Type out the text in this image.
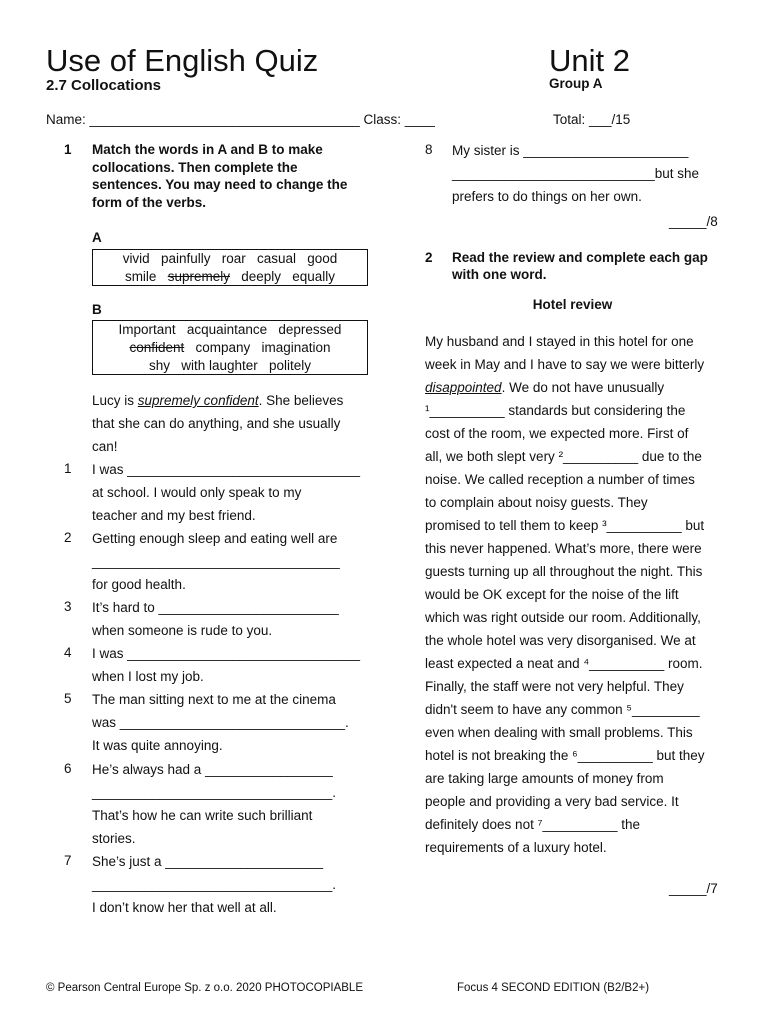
Use of English Quiz
2.7 Collocations
Unit 2
Group A
Name: ____________________________________ Class: ____	Total: ___/15
1 Match the words in A and B to make collocations. Then complete the sentences. You may need to change the form of the verbs.
A
vivid   painfully   roar   casual   good
smile   supremely   deeply   equally
B
Important   acquaintance   depressed
confident   company   imagination
shy   with laughter   politely
Lucy is supremely confident. She believes that she can do anything, and she usually can!
1 I was _______________________________
at school. I would only speak to my
teacher and my best friend.
2 Getting enough sleep and eating well are
_________________________________
for good health.
3 It’s hard to ________________________
when someone is rude to you.
4 I was _______________________________
when I lost my job.
5 The man sitting next to me at the cinema
was ______________________________.
It was quite annoying.
6 He’s always had a _________________
________________________________.
That’s how he can write such brilliant
stories.
7 She’s just a _____________________
________________________________.
I don’t know her that well at all.
8 My sister is ______________________
___________________________but she
prefers to do things on her own.
_____/8
2 Read the review and complete each gap with one word.
Hotel review
My husband and I stayed in this hotel for one
week in May and I have to say we were bitterly
disappointed. We do not have unusually
¹__________ standards but considering the
cost of the room, we expected more. First of
all, we both slept very ²__________ due to the
noise. We called reception a number of times
to complain about noisy guests. They
promised to tell them to keep ³__________ but
this never happened. What’s more, there were
guests turning up all throughout the night. This
would be OK except for the noise of the lift
which was right outside our room. Additionally,
the whole hotel was very disorganised. We at
least expected a neat and ⁴__________ room.
Finally, the staff were not very helpful. They
didn't seem to have any common ⁵_________
even when dealing with small problems. This
hotel is not breaking the ⁶__________ but they
are taking large amounts of money from
people and providing a very bad service. It
definitely does not ⁷__________ the
requirements of a luxury hotel.
_____/7
© Pearson Central Europe Sp. z o.o. 2020 PHOTOCOPIABLE	Focus 4 SECOND EDITION (B2/B2+)
